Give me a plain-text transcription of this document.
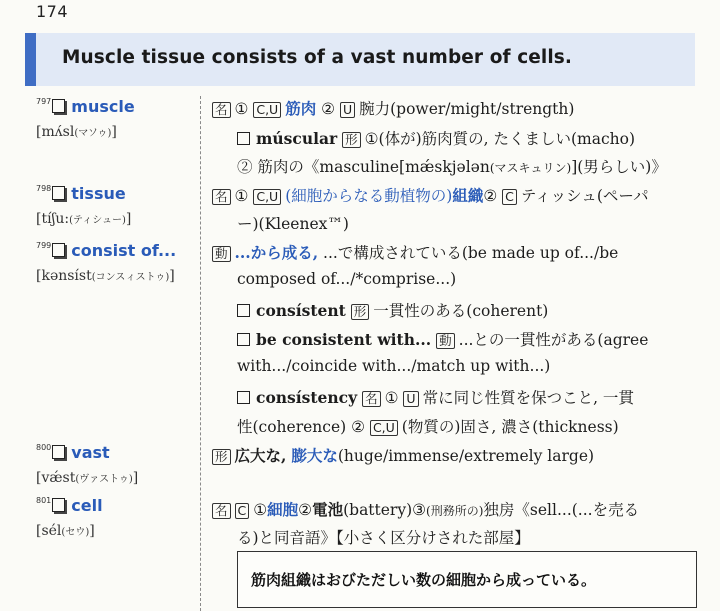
174
Muscle tissue consists of a vast number of cells.
$^{797}$ muscle
[mʌ́sl(マソゥ)]
名 ① C,U 筋肉 ② U 腕力(power/might/strength)
múscular 形 ①(体が)筋肉質の, たくましい(macho)
② 筋肉の《masculine[mǽskjələn(マスキュリン)](男らしい)》
$^{798}$ tissue
[tíʃu:(ティシュー)]
名 ① C,U (細胞からなる動植物の)組織② C ティッシュ(ペーパ
ー)(Kleenex™)
$^{799}$ consist of...
[kənsíst(コンスィストゥ)]
動 ...から成る, ...で構成されている(be made up of.../be
composed of.../*comprise...)
consístent 形 一貫性のある(coherent)
be consistent with... 動 ...との一貫性がある(agree
with.../coincide with.../match up with...)
consístency 名 ① U 常に同じ性質を保つこと, 一貫
性(coherence) ② C,U (物質の)固さ, 濃さ(thickness)
$^{800}$ vast
[vǽst(ヴァストゥ)]
形 広大な, 膨大な(huge/immense/extremely large)
$^{801}$ cell
[sél(セウ)]
名 C ①細胞②電池(battery)③(刑務所の)独房《sell...(...を売る
る)と同音語》【小さく区分けされた部屋】
筋肉組織はおびただしい数の細胞から成っている。
